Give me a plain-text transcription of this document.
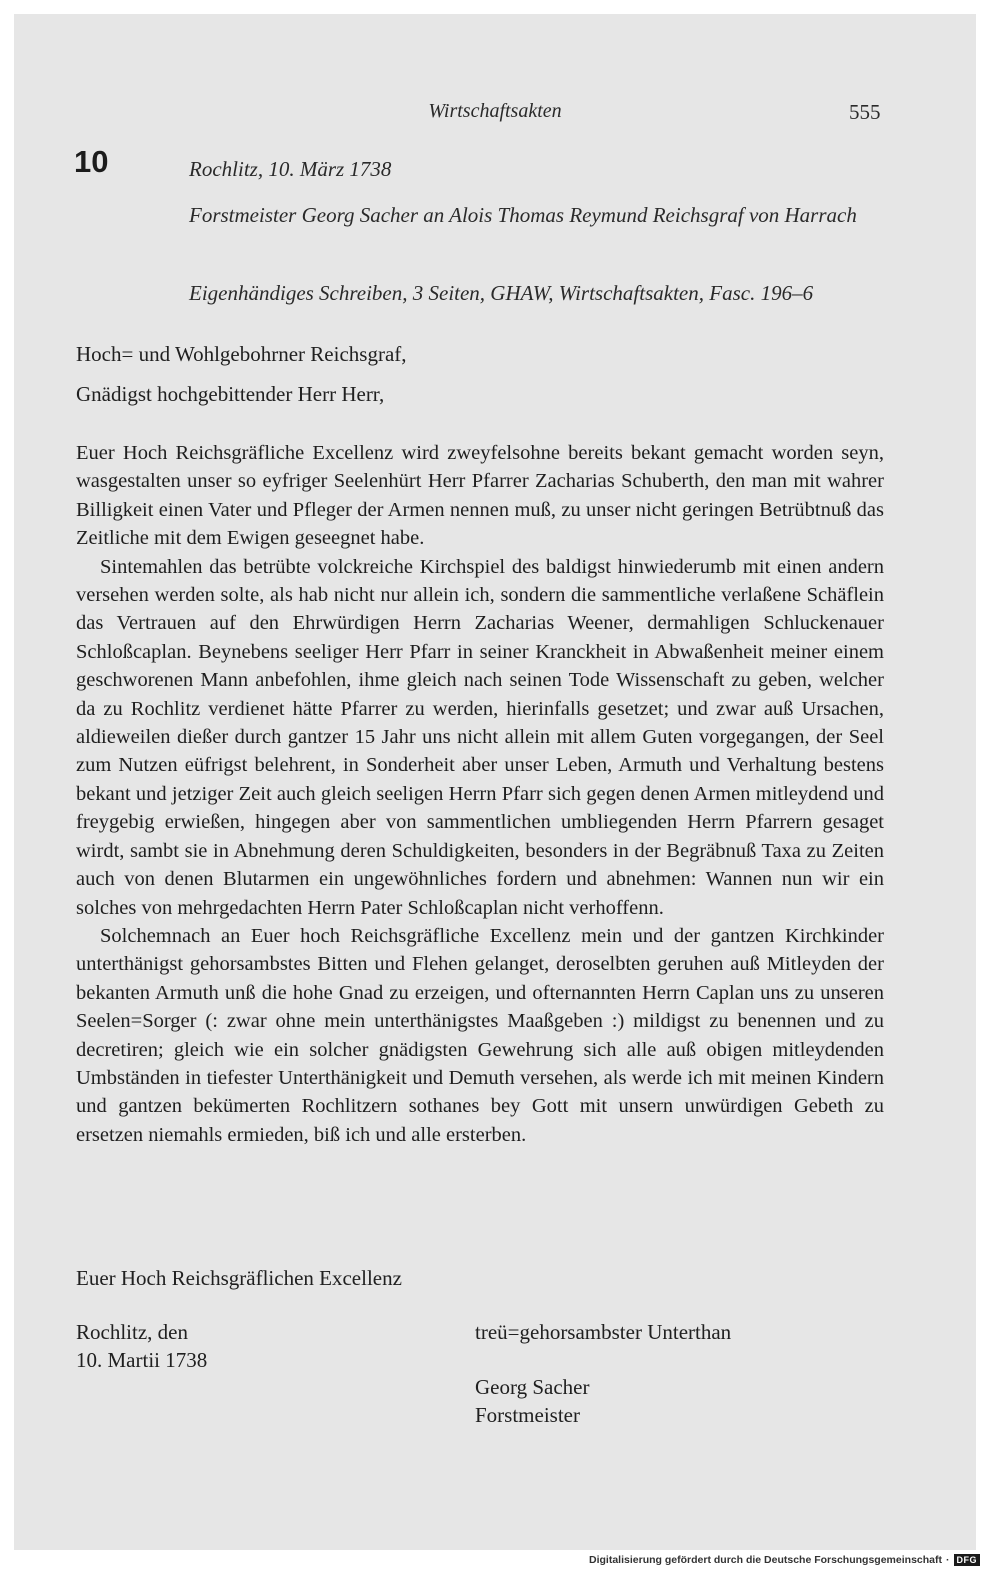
Wirtschaftsakten	555
10	Rochlitz, 10. März 1738
Forstmeister Georg Sacher an Alois Thomas Reymund Reichsgraf von Harrach
Eigenhändiges Schreiben, 3 Seiten, GHAW, Wirtschaftsakten, Fasc. 196–6
Hoch= und Wohlgebohrner Reichsgraf,
Gnädigst hochgebittender Herr Herr,

Euer Hoch Reichsgräfliche Excellenz wird zweyfelsohne bereits bekant gemacht worden seyn, wasgestalten unser so eyfriger Seelenhürt Herr Pfarrer Zacharias Schuberth, den man mit wahrer Billigkeit einen Vater und Pfleger der Armen nennen muß, zu unser nicht geringen Betrübtnuß das Zeitliche mit dem Ewigen geseegnet habe.

Sintemahlen das betrübte volckreiche Kirchspiel des baldigst hinwiederumb mit einen andern versehen werden solte, als hab nicht nur allein ich, sondern die sammentliche verlaßene Schäflein das Vertrauen auf den Ehrwürdigen Herrn Zacharias Weener, dermahligen Schluckenauer Schloßcaplan. Beynebens seeliger Herr Pfarr in seiner Kranckheit in Abwaßenheit meiner einem geschworenen Mann anbefohlen, ihme gleich nach seinen Tode Wissenschaft zu geben, welcher da zu Rochlitz verdienet hätte Pfarrer zu werden, hierinfalls gesetzet; und zwar auß Ursachen, aldieweilen dießer durch gantzer 15 Jahr uns nicht allein mit allem Guten vorgegangen, der Seel zum Nutzen eüfrigst belehrent, in Sonderheit aber unser Leben, Armuth und Verhaltung bestens bekant und jetziger Zeit auch gleich seeligen Herrn Pfarr sich gegen denen Armen mitleydend und freygebig erwießen, hingegen aber von sammentlichen umbliegenden Herrn Pfarrern gesaget wirdt, sambt sie in Abnehmung deren Schuldigkeiten, besonders in der Begräbnuß Taxa zu Zeiten auch von denen Blutarmen ein ungewöhnliches fordern und abnehmen: Wannen nun wir ein solches von mehrgedachten Herrn Pater Schloßcaplan nicht verhoffenn.

Solchemnach an Euer hoch Reichsgräfliche Excellenz mein und der gantzen Kirchkinder unterthänigst gehorsambstes Bitten und Flehen gelanget, deroselbten geruhen auß Mitleyden der bekanten Armuth unß die hohe Gnad zu erzeigen, und ofternannten Herrn Caplan uns zu unseren Seelen=Sorger (: zwar ohne mein unterthänigstes Maaßgeben :) mildigst zu benennen und zu decretiren; gleich wie ein solcher gnädigsten Gewehrung sich alle auß obigen mitleydenden Umbständen in tiefester Unterthänigkeit und Demuth versehen, als werde ich mit meinen Kindern und gantzen bekümerten Rochlitzern sothanes bey Gott mit unsern unwürdigen Gebeth zu ersetzen niemahls ermieden, biß ich und alle ersterben.

Euer Hoch Reichsgräflichen Excellenz
Rochlitz, den
10. Martii 1738
treü=gehorsambster Unterthan
Georg Sacher
Forstmeister
Digitalisierung gefördert durch die Deutsche Forschungsgemeinschaft · DFG
